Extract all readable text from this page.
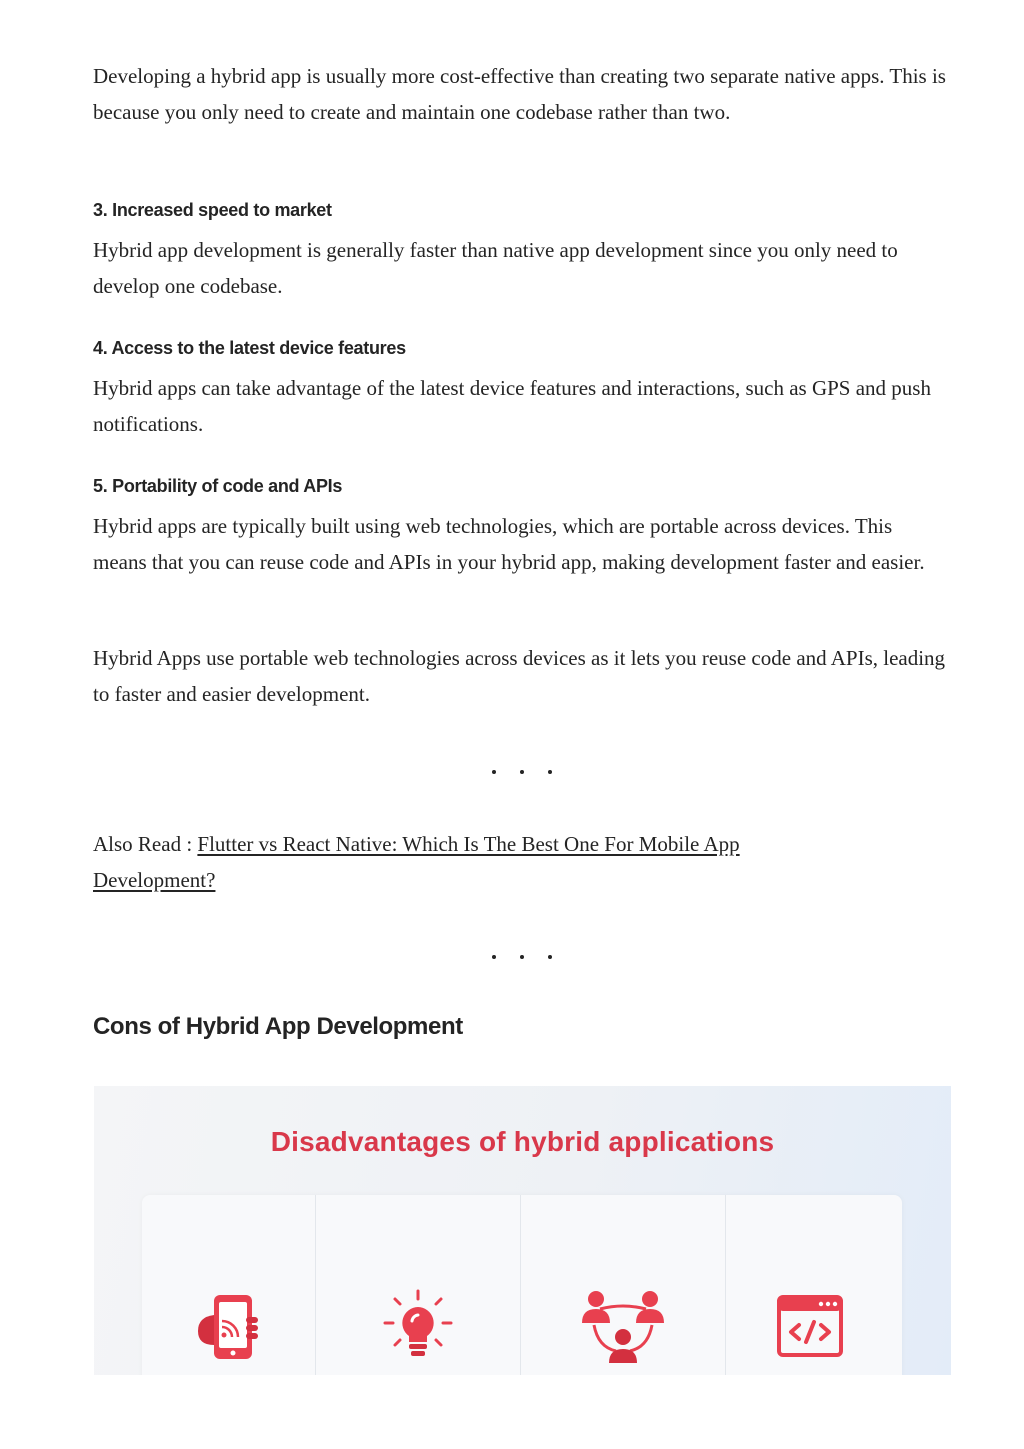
Developing a hybrid app is usually more cost-effective than creating two separate native apps. This is because you only need to create and maintain one codebase rather than two.

3. Increased speed to market

Hybrid app development is generally faster than native app development since you only need to develop one codebase.

4. Access to the latest device features

Hybrid apps can take advantage of the latest device features and interactions, such as GPS and push notifications.

5. Portability of code and APIs

Hybrid apps are typically built using web technologies, which are portable across devices. This means that you can reuse code and APIs in your hybrid app, making development faster and easier.

Hybrid Apps use portable web technologies across devices as it lets you reuse code and APIs, leading to faster and easier development.

Also Read : Flutter vs React Native: Which Is The Best One For Mobile App Development?

Cons of Hybrid App Development
Disadvantages of hybrid applications
